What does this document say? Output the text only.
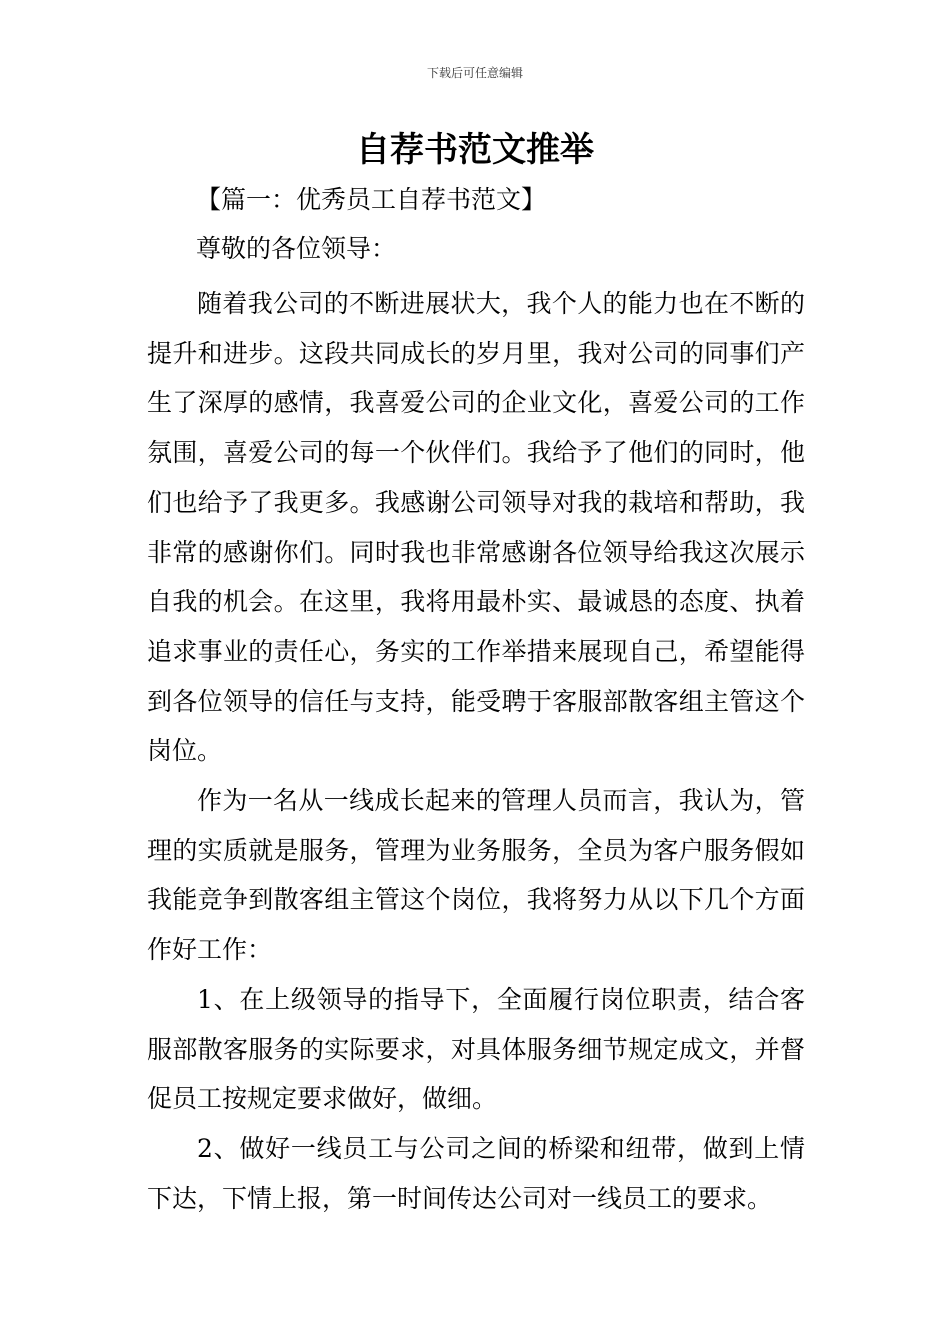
下载后可任意编辑
自荐书范文推举
【篇一：优秀员工自荐书范文】
尊敬的各位领导：

随着我公司的不断进展状大，我个人的能力也在不断的提升和进步。这段共同成长的岁月里，我对公司的同事们产生了深厚的感情，我喜爱公司的企业文化，喜爱公司的工作氛围，喜爱公司的每一个伙伴们。我给予了他们的同时，他们也给予了我更多。我感谢公司领导对我的栽培和帮助，我非常的感谢你们。同时我也非常感谢各位领导给我这次展示自我的机会。在这里，我将用最朴实、最诚恳的态度、执着追求事业的责任心，务实的工作举措来展现自己，希望能得到各位领导的信任与支持，能受聘于客服部散客组主管这个岗位。

作为一名从一线成长起来的管理人员而言，我认为，管理的实质就是服务，管理为业务服务，全员为客户服务假如我能竞争到散客组主管这个岗位，我将努力从以下几个方面作好工作：

1、在上级领导的指导下，全面履行岗位职责，结合客服部散客服务的实际要求，对具体服务细节规定成文，并督促员工按规定要求做好，做细。

2、做好一线员工与公司之间的桥梁和纽带，做到上情下达，下情上报，第一时间传达公司对一线员工的要求。
